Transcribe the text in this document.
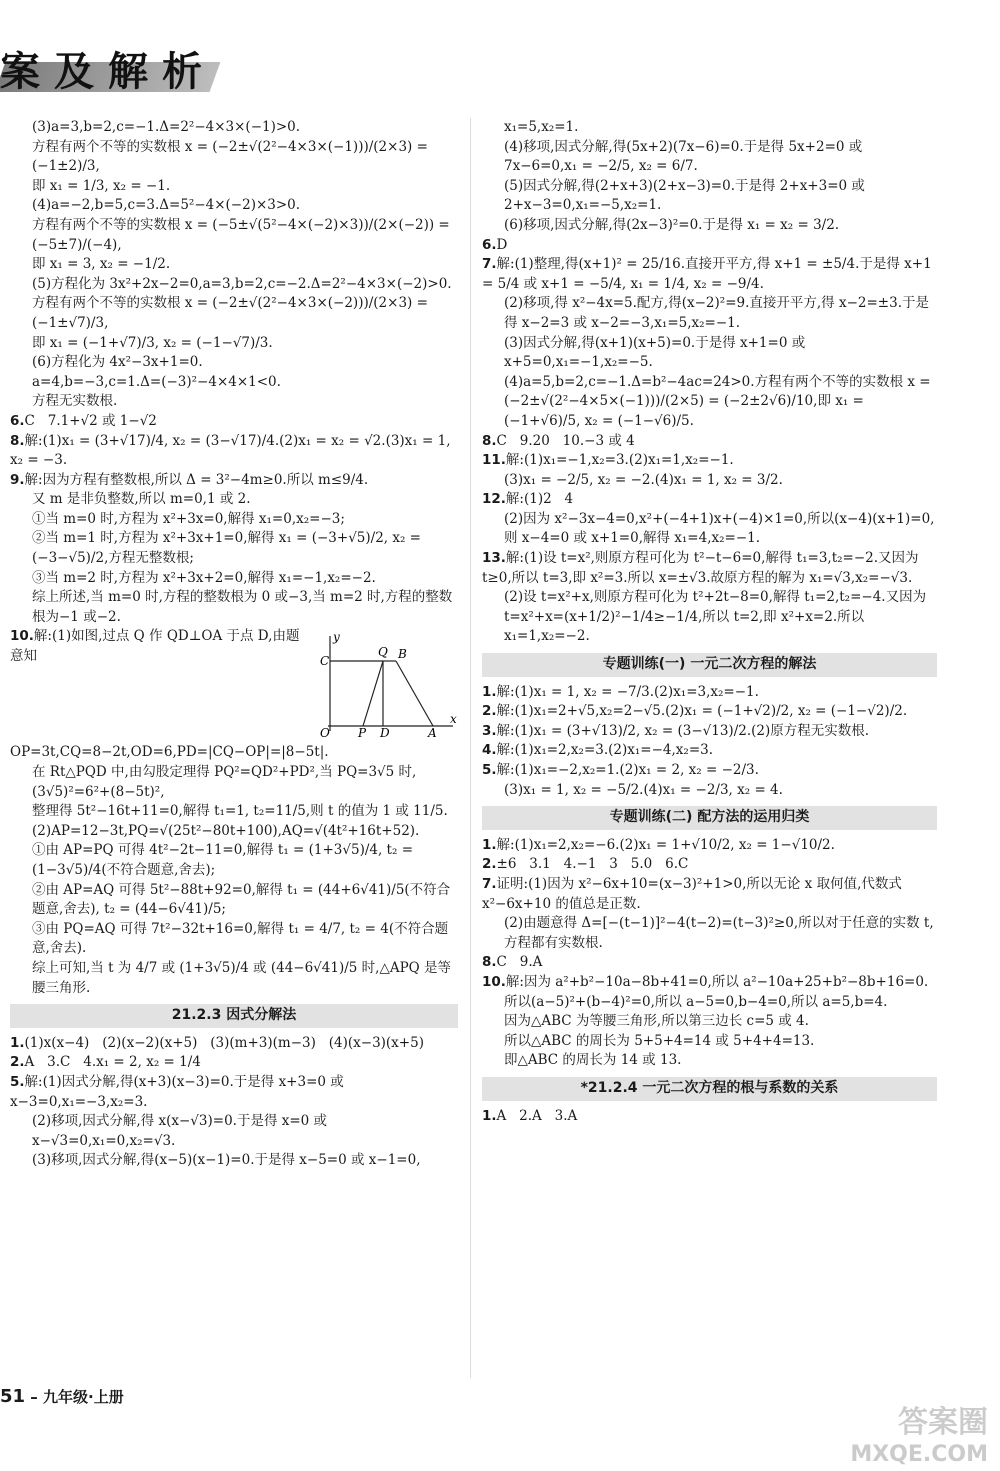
案及解析
(3)a=3,b=2,c=−1.Δ=2²−4×3×(−1)>0.
方程有两个不等的实数根 x = (−2±√(2²−4×3×(−1)))/(2×3) = (−1±2)/3,
即 x₁ = 1/3, x₂ = −1.
(4)a=−2,b=5,c=3.Δ=5²−4×(−2)×3>0.
方程有两个不等的实数根 x = (−5±√(5²−4×(−2)×3))/(2×(−2)) = (−5±7)/(−4),
即 x₁ = 3, x₂ = −1/2.
(5)方程化为 3x²+2x−2=0,a=3,b=2,c=−2.Δ=2²−4×3×(−2)>0.
方程有两个不等的实数根 x = (−2±√(2²−4×3×(−2)))/(2×3) = (−1±√7)/3,
即 x₁ = (−1+√7)/3, x₂ = (−1−√7)/3.
(6)方程化为 4x²−3x+1=0.
a=4,b=−3,c=1.Δ=(−3)²−4×4×1<0.
方程无实数根.
6.C   7.1+√2 或 1−√2
8.解:(1)x₁ = (3+√17)/4, x₂ = (3−√17)/4.(2)x₁ = x₂ = √2.(3)x₁ = 1, x₂ = −3.
9.解:因为方程有整数根,所以 Δ = 3²−4m≥0.所以 m≤9/4.
又 m 是非负整数,所以 m=0,1 或 2.
①当 m=0 时,方程为 x²+3x=0,解得 x₁=0,x₂=−3;
②当 m=1 时,方程为 x²+3x+1=0,解得 x₁ = (−3+√5)/2, x₂ = (−3−√5)/2,方程无整数根;
③当 m=2 时,方程为 x²+3x+2=0,解得 x₁=−1,x₂=−2.
综上所述,当 m=0 时,方程的整数根为 0 或−3,当 m=2 时,方程的整数根为−1 或−2.
y
x
O
C
Q B
P D	A
10.解:(1)如图,过点 Q 作 QD⊥OA 于点 D,由题意知 OP=3t,CQ=8−2t,OD=6,PD=|CQ−OP|=|8−5t|.
在 Rt△PQD 中,由勾股定理得 PQ²=QD²+PD²,当 PQ=3√5 时,(3√5)²=6²+(8−5t)²,
整理得 5t²−16t+11=0,解得 t₁=1, t₂=11/5,则 t 的值为 1 或 11/5.
(2)AP=12−3t,PQ=√(25t²−80t+100),AQ=√(4t²+16t+52).
①由 AP=PQ 可得 4t²−2t−11=0,解得 t₁ = (1+3√5)/4, t₂ = (1−3√5)/4(不符合题意,舍去);
②由 AP=AQ 可得 5t²−88t+92=0,解得 t₁ = (44+6√41)/5(不符合题意,舍去), t₂ = (44−6√41)/5;
③由 PQ=AQ 可得 7t²−32t+16=0,解得 t₁ = 4/7, t₂ = 4(不符合题意,舍去).
综上可知,当 t 为 4/7 或 (1+3√5)/4 或 (44−6√41)/5 时,△APQ 是等腰三角形.
21.2.3 因式分解法
1.(1)x(x−4)   (2)(x−2)(x+5)   (3)(m+3)(m−3)   (4)(x−3)(x+5)
2.A   3.C   4.x₁ = 2, x₂ = 1/4
5.解:(1)因式分解,得(x+3)(x−3)=0.于是得 x+3=0 或 x−3=0,x₁=−3,x₂=3.
(2)移项,因式分解,得 x(x−√3)=0.于是得 x=0 或 x−√3=0,x₁=0,x₂=√3.
(3)移项,因式分解,得(x−5)(x−1)=0.于是得 x−5=0 或 x−1=0,
x₁=5,x₂=1.
(4)移项,因式分解,得(5x+2)(7x−6)=0.于是得 5x+2=0 或 7x−6=0,x₁ = −2/5, x₂ = 6/7.
(5)因式分解,得(2+x+3)(2+x−3)=0.于是得 2+x+3=0 或 2+x−3=0,x₁=−5,x₂=1.
(6)移项,因式分解,得(2x−3)²=0.于是得 x₁ = x₂ = 3/2.
6.D
7.解:(1)整理,得(x+1)² = 25/16.直接开平方,得 x+1 = ±5/4.于是得 x+1 = 5/4 或 x+1 = −5/4, x₁ = 1/4, x₂ = −9/4.
(2)移项,得 x²−4x=5.配方,得(x−2)²=9.直接开平方,得 x−2=±3.于是得 x−2=3 或 x−2=−3,x₁=5,x₂=−1.
(3)因式分解,得(x+1)(x+5)=0.于是得 x+1=0 或 x+5=0,x₁=−1,x₂=−5.
(4)a=5,b=2,c=−1.Δ=b²−4ac=24>0.方程有两个不等的实数根 x = (−2±√(2²−4×5×(−1)))/(2×5) = (−2±2√6)/10,即 x₁ = (−1+√6)/5, x₂ = (−1−√6)/5.
8.C   9.20   10.−3 或 4
11.解:(1)x₁=−1,x₂=3.(2)x₁=1,x₂=−1.
(3)x₁ = −2/5, x₂ = −2.(4)x₁ = 1, x₂ = 3/2.
12.解:(1)2   4
(2)因为 x²−3x−4=0,x²+(−4+1)x+(−4)×1=0,所以(x−4)(x+1)=0,则 x−4=0 或 x+1=0,解得 x₁=4,x₂=−1.
13.解:(1)设 t=x²,则原方程可化为 t²−t−6=0,解得 t₁=3,t₂=−2.又因为 t≥0,所以 t=3,即 x²=3.所以 x=±√3.故原方程的解为 x₁=√3,x₂=−√3.
(2)设 t=x²+x,则原方程可化为 t²+2t−8=0,解得 t₁=2,t₂=−4.又因为 t=x²+x=(x+1/2)²−1/4≥−1/4,所以 t=2,即 x²+x=2.所以 x₁=1,x₂=−2.
专题训练(一) 一元二次方程的解法
1.解:(1)x₁ = 1, x₂ = −7/3.(2)x₁=3,x₂=−1.
2.解:(1)x₁=2+√5,x₂=2−√5.(2)x₁ = (−1+√2)/2, x₂ = (−1−√2)/2.
3.解:(1)x₁ = (3+√13)/2, x₂ = (3−√13)/2.(2)原方程无实数根.
4.解:(1)x₁=2,x₂=3.(2)x₁=−4,x₂=3.
5.解:(1)x₁=−2,x₂=1.(2)x₁ = 2, x₂ = −2/3.
(3)x₁ = 1, x₂ = −5/2.(4)x₁ = −2/3, x₂ = 4.
专题训练(二) 配方法的运用归类
1.解:(1)x₁=2,x₂=−6.(2)x₁ = 1+√10/2, x₂ = 1−√10/2.
2.±6   3.1   4.−1   3   5.0   6.C
7.证明:(1)因为 x²−6x+10=(x−3)²+1>0,所以无论 x 取何值,代数式 x²−6x+10 的值总是正数.
(2)由题意得 Δ=[−(t−1)]²−4(t−2)=(t−3)²≥0,所以对于任意的实数 t,方程都有实数根.
8.C   9.A
10.解:因为 a²+b²−10a−8b+41=0,所以 a²−10a+25+b²−8b+16=0.
所以(a−5)²+(b−4)²=0,所以 a−5=0,b−4=0,所以 a=5,b=4.
因为△ABC 为等腰三角形,所以第三边长 c=5 或 4.
所以△ABC 的周长为 5+5+4=14 或 5+4+4=13.
即△ABC 的周长为 14 或 13.
*21.2.4 一元二次方程的根与系数的关系
1.A   2.A   3.A
51 – 九年级·上册
答案圈
MXQE.COM
